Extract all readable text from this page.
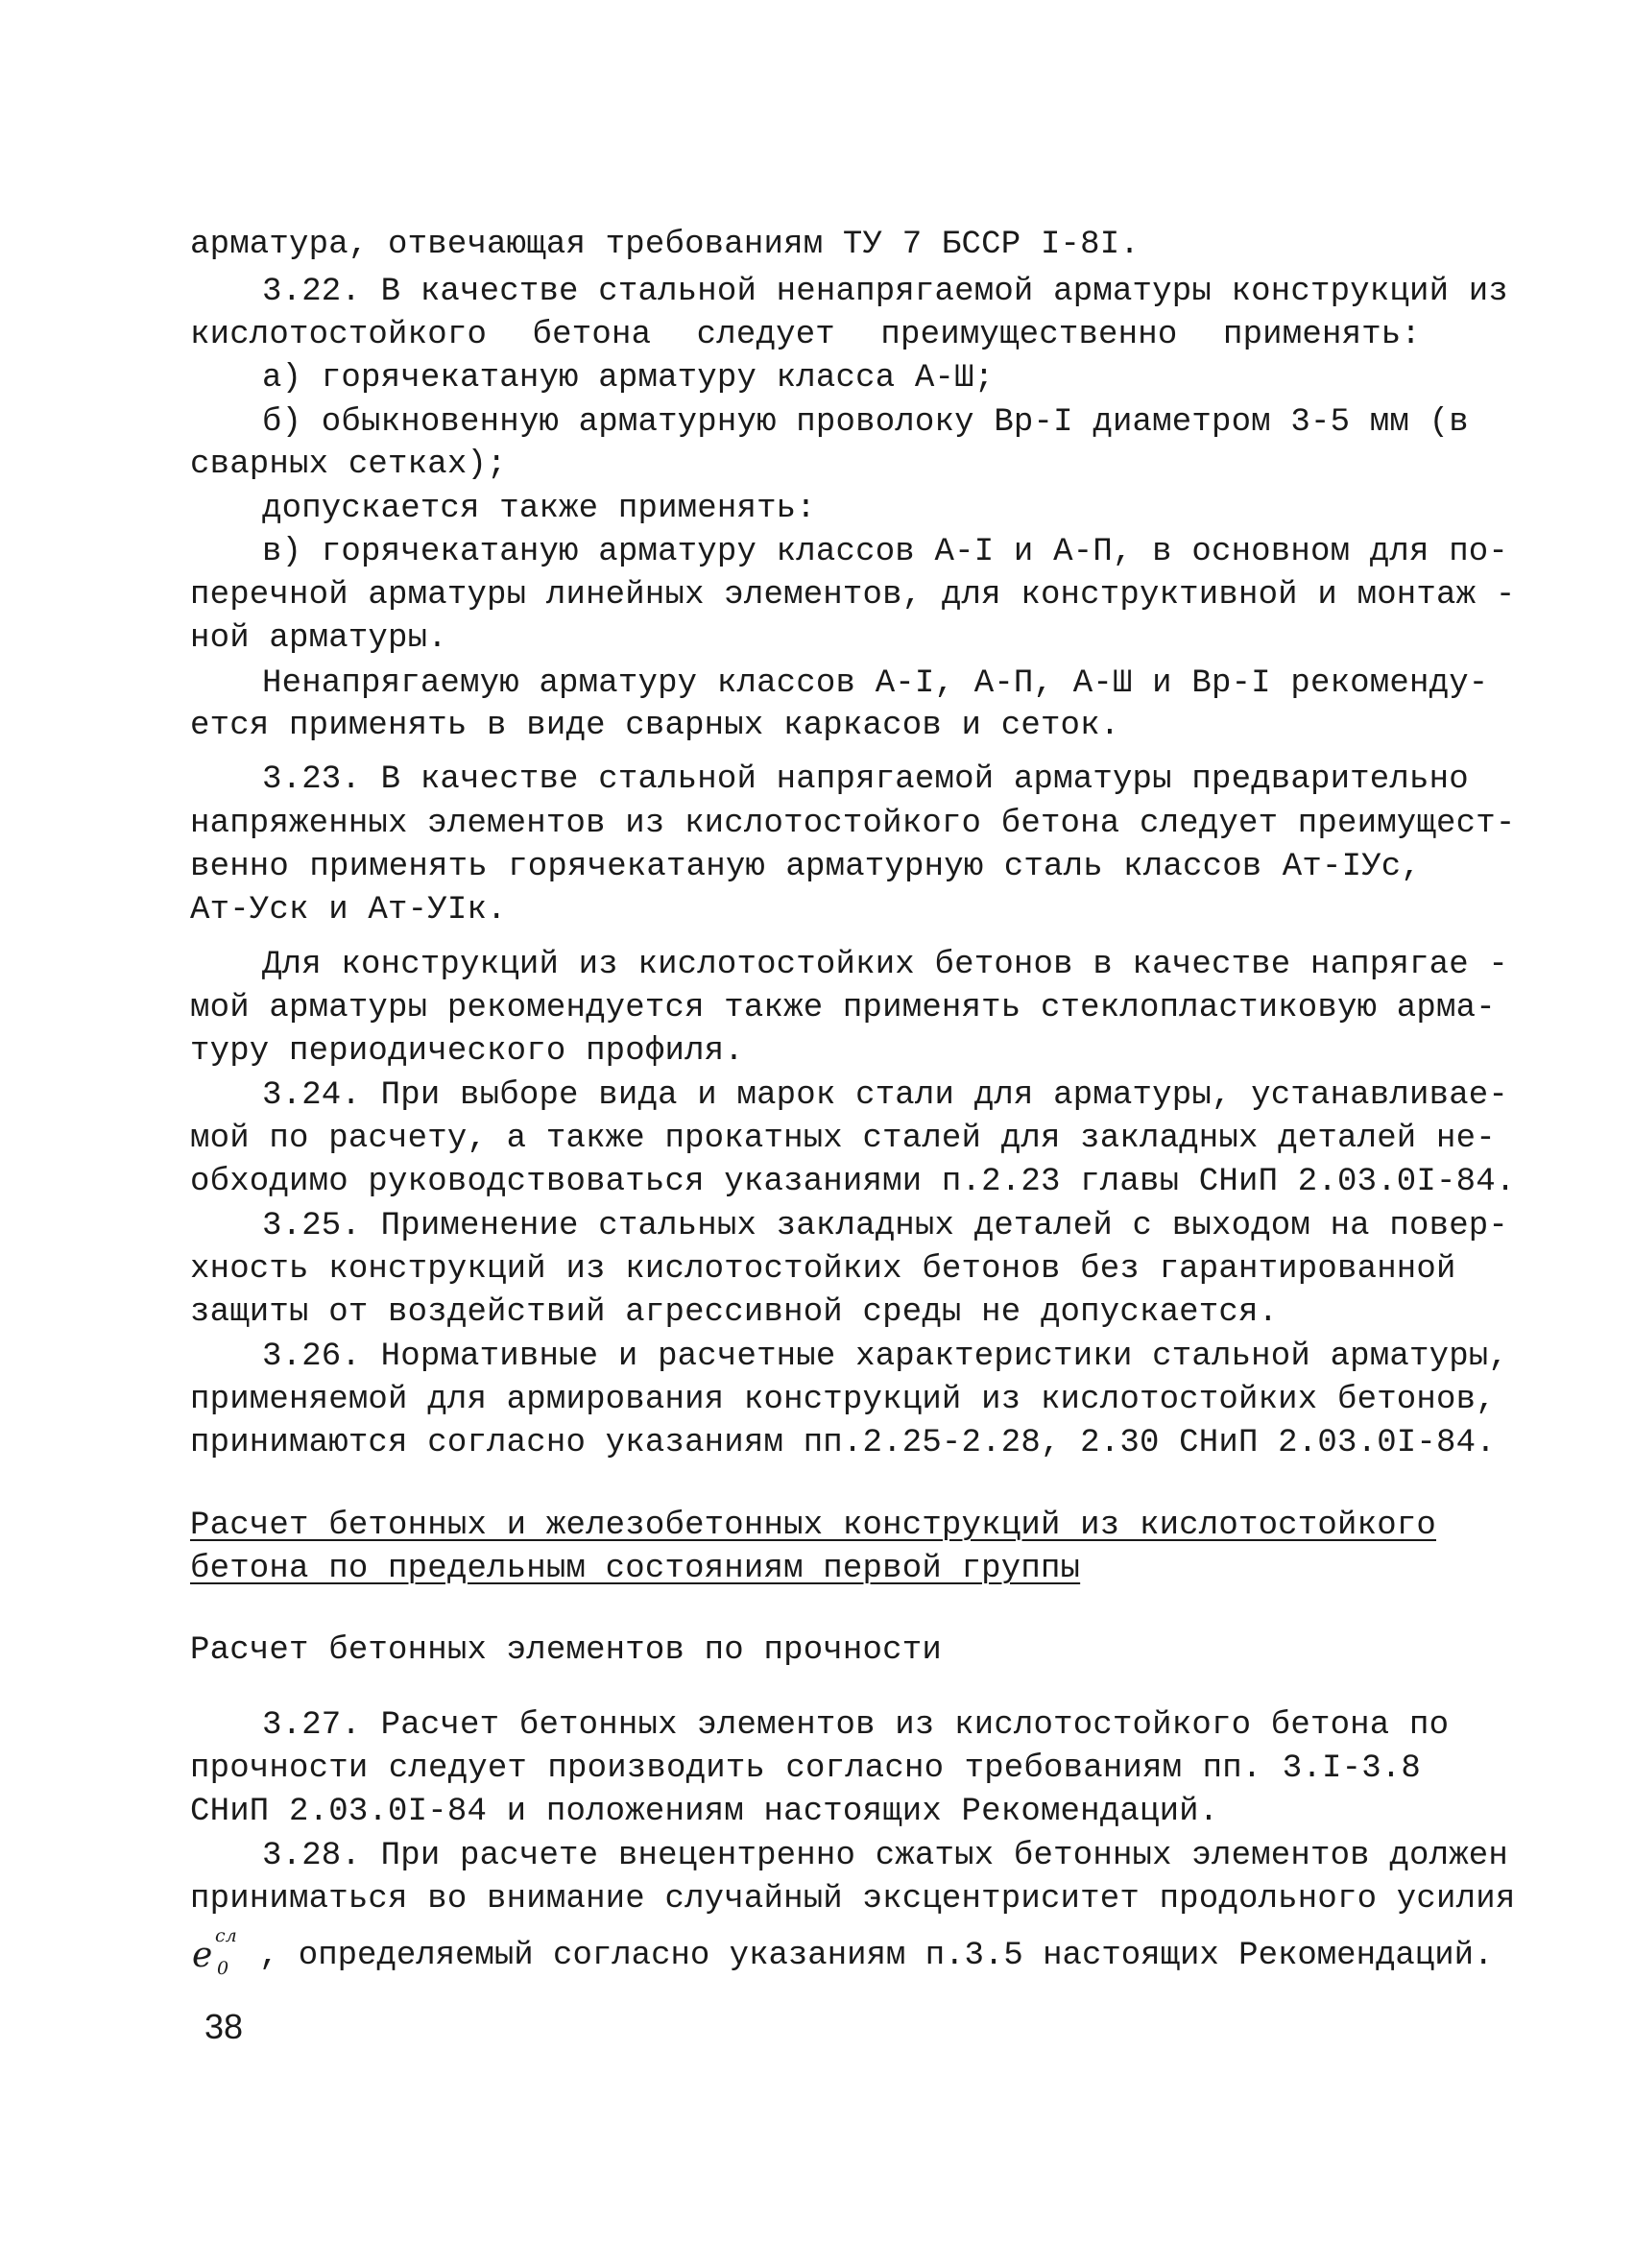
арматура, отвечающая требованиям ТУ 7 БССР I-8I.
3.22. В качестве стальной ненапрягаемой арматуры конструкций из
кислотостойкого бетона следует преимущественно применять:
а) горячекатаную арматуру класса А-Ш;
б) обыкновенную арматурную проволоку Вр-I диаметром 3-5 мм (в
сварных сетках);
допускается также применять:
в) горячекатаную арматуру классов А-I и А-П, в основном для по-
перечной арматуры линейных элементов, для конструктивной и монтаж -
ной арматуры.
Ненапрягаемую арматуру классов А-I, А-П, А-Ш и Вр-I рекоменду-
ется применять в виде сварных каркасов и сеток.
3.23. В качестве стальной напрягаемой арматуры предварительно
напряженных элементов из кислотостойкого бетона следует преимущест-
венно применять горячекатаную арматурную сталь классов Ат-IУс,
Ат-Уск и Ат-УIк.
Для конструкций из кислотостойких бетонов в качестве напрягае -
мой арматуры рекомендуется также применять стеклопластиковую арма-
туру периодического профиля.
3.24. При выборе вида и марок стали для арматуры, устанавливае-
мой по расчету, а также прокатных сталей для закладных деталей не-
обходимо руководствоваться указаниями п.2.23 главы СНиП 2.03.0I-84.
3.25. Применение стальных закладных деталей с выходом на повер-
хность конструкций из кислотостойких бетонов без гарантированной
защиты от воздействий агрессивной среды не допускается.
3.26. Нормативные и расчетные характеристики стальной арматуры,
применяемой для армирования конструкций из кислотостойких бетонов,
принимаются согласно указаниям пп.2.25-2.28, 2.30 СНиП 2.03.0I-84.
Расчет бетонных и железобетонных конструкций из кислотостойкого
бетона по предельным состояниям первой группы
Расчет бетонных элементов по прочности
3.27. Расчет бетонных элементов из кислотостойкого бетона по
прочности следует производить согласно требованиям пп. 3.I-3.8
СНиП 2.03.0I-84 и положениям настоящих Рекомендаций.
3.28. При расчете внецентренно сжатых бетонных элементов должен
приниматься во внимание случайный эксцентриситет продольного усилия
e сл
0 , определяемый согласно указаниям п.3.5 настоящих Рекомендаций.
38
